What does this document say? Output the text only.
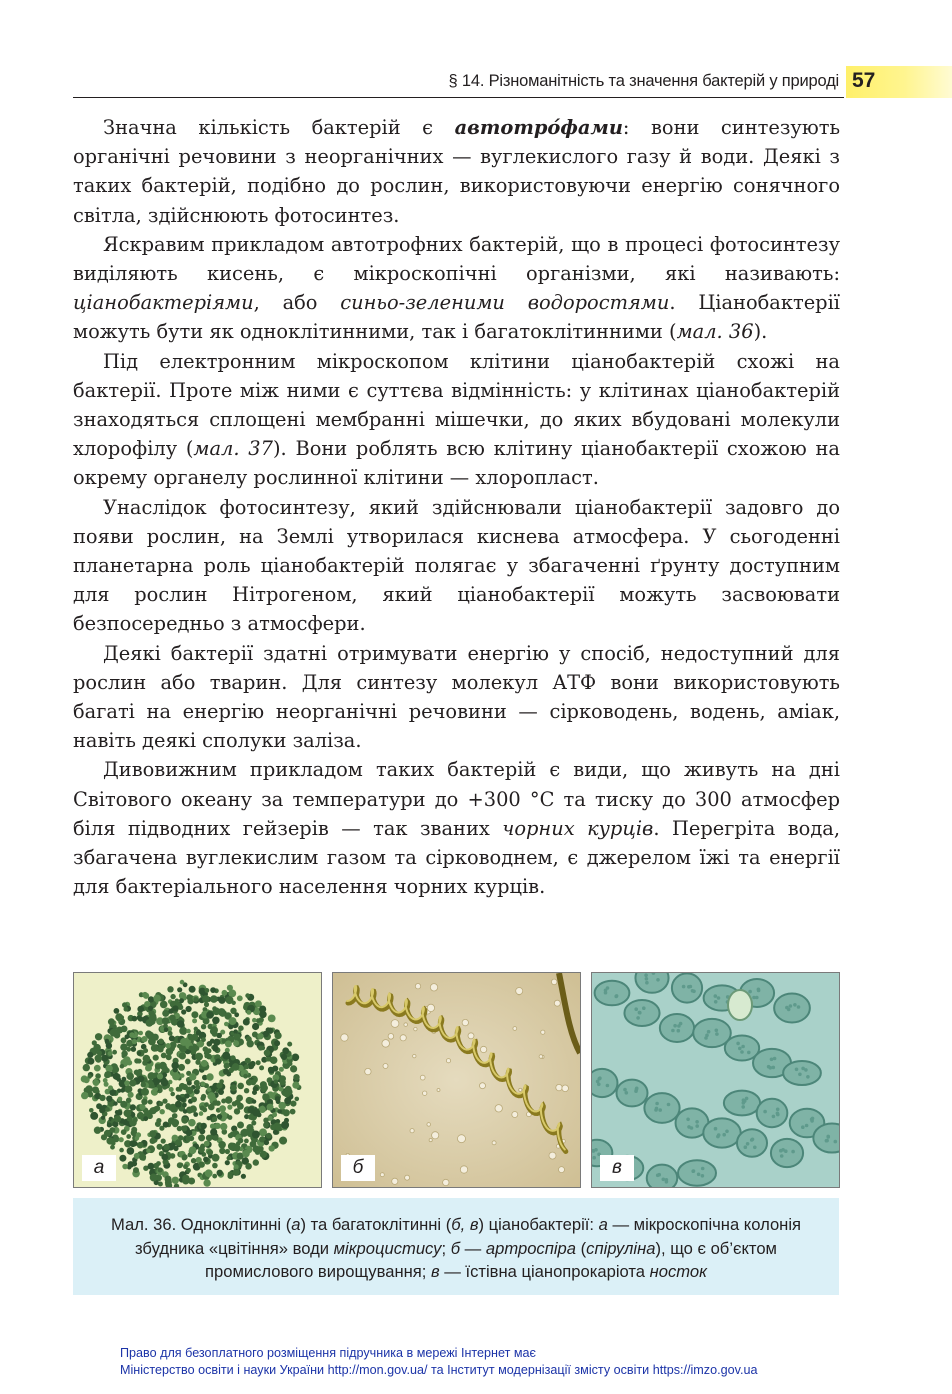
§ 14. Різноманітність та значення бактерій у природі 57

Значна кількість бактерій є автотро́фами: вони синтезують органічні речовини з неорганічних — вуглекислого газу й води. Деякі з таких бактерій, подібно до рослин, використовуючи енергію сонячного світла, здійснюють фотосинтез.

Яскравим прикладом автотрофних бактерій, що в процесі фотосинтезу виділяють кисень, є мікроскопічні організми, які називають: ціанобактеріями, або синьо-зеленими водоростями. Ціанобактерії можуть бути як одноклітинними, так і багатоклітинними (мал. 36).

Під електронним мікроскопом клітини ціанобактерій схожі на бактерії. Проте між ними є суттєва відмінність: у клітинах ціанобактерій знаходяться сплощені мембранні мішечки, до яких вбудовані молекули хлорофілу (мал. 37). Вони роблять всю клітину ціанобактерії схожою на окрему органелу рослинної клітини — хлоропласт.

Унаслідок фотосинтезу, який здійснювали ціанобактерії задовго до появи рослин, на Землі утворилася киснева атмосфера. У сьогоденні планетарна роль ціанобактерій полягає у збагаченні ґрунту доступним для рослин Нітрогеном, який ціанобактерії можуть засвоювати безпосередньо з атмосфери.

Деякі бактерії здатні отримувати енергію у спосіб, недоступний для рослин або тварин. Для синтезу молекул АТФ вони використовують багаті на енергію неорганічні речовини — сірководень, водень, аміак, навіть деякі сполуки заліза.

Дивовижним прикладом таких бактерій є види, що живуть на дні Світового океану за температури до +300 °С та тиску до 300 атмосфер біля підводних гейзерів — так званих чорних курців. Перегріта вода, збагачена вуглекислим газом та сірководнем, є джерелом їжі та енергії для бактеріального населення чорних курців.

а	б	в
Мал. 36. Одноклітинні (а) та багатоклітинні (б, в) ціанобактерії: а — мікроскопічна колонія збудника «цвітіння» води мікроцистису; б — артроспіра (спіруліна), що є об’єктом промислового вирощування; в — їстівна ціанопрокаріота носток
Право для безоплатного розміщення підручника в мережі Інтернет має
Міністерство освіти і науки України http://mon.gov.ua/ та Інститут модернізації змісту освіти https://imzo.gov.ua
